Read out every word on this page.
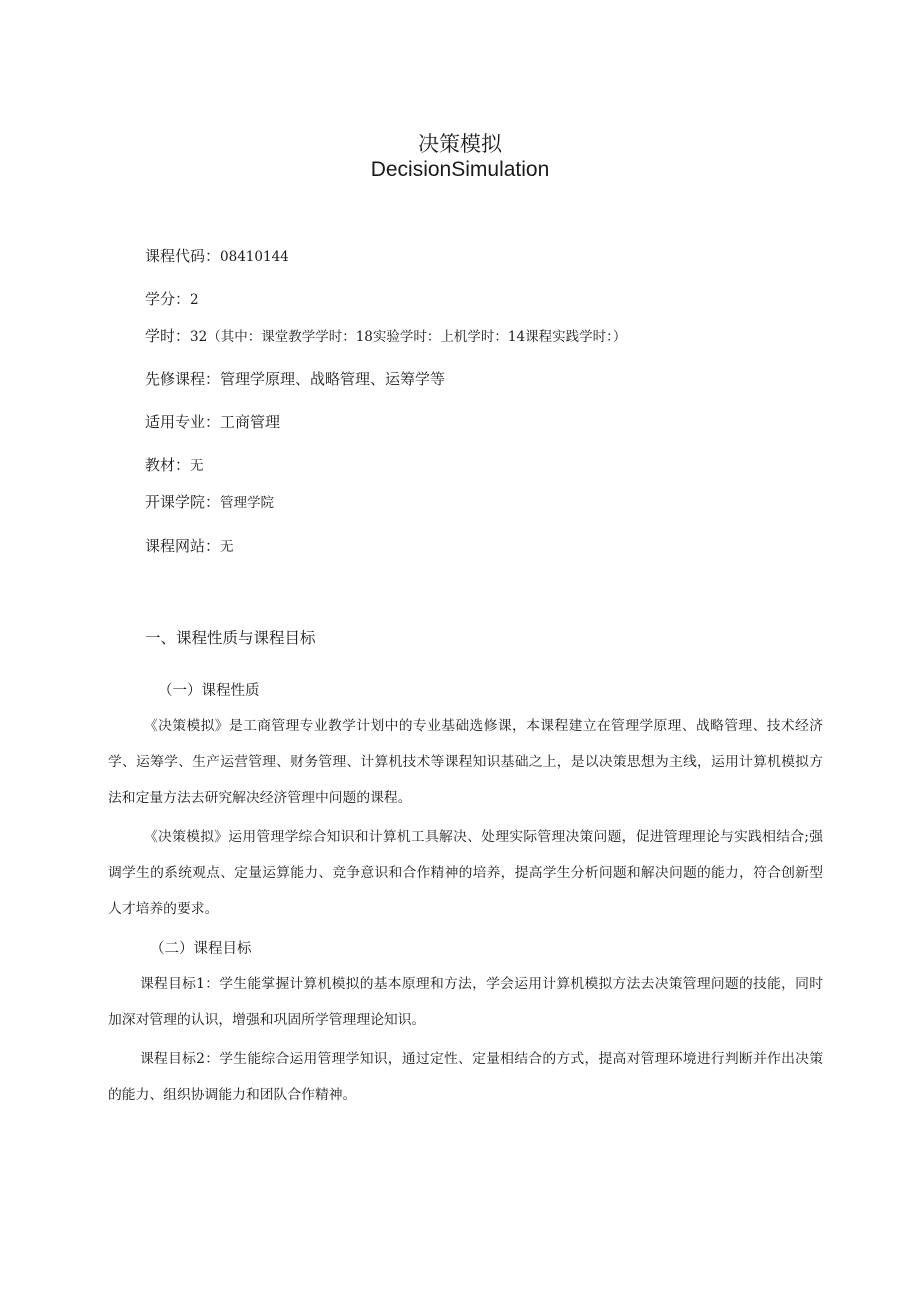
决策模拟
DecisionSimulation
课程代码：08410144
学分：2
学时：32（其中：课堂教学学时：18实验学时：上机学时：14课程实践学时：）
先修课程：管理学原理、战略管理、运筹学等
适用专业：工商管理
教材：无
开课学院：管理学院
课程网站：无
一、课程性质与课程目标
（一）课程性质
《决策模拟》是工商管理专业教学计划中的专业基础选修课，本课程建立在管理学原理、战略管理、技术经济学、运筹学、生产运营管理、财务管理、计算机技术等课程知识基础之上，是以决策思想为主线，运用计算机模拟方法和定量方法去研究解决经济管理中问题的课程。
《决策模拟》运用管理学综合知识和计算机工具解决、处理实际管理决策问题，促进管理理论与实践相结合;强调学生的系统观点、定量运算能力、竞争意识和合作精神的培养，提高学生分析问题和解决问题的能力，符合创新型人才培养的要求。
（二）课程目标
课程目标1：学生能掌握计算机模拟的基本原理和方法，学会运用计算机模拟方法去决策管理问题的技能，同时加深对管理的认识，增强和巩固所学管理理论知识。
课程目标2：学生能综合运用管理学知识，通过定性、定量相结合的方式，提高对管理环境进行判断并作出决策的能力、组织协调能力和团队合作精神。
